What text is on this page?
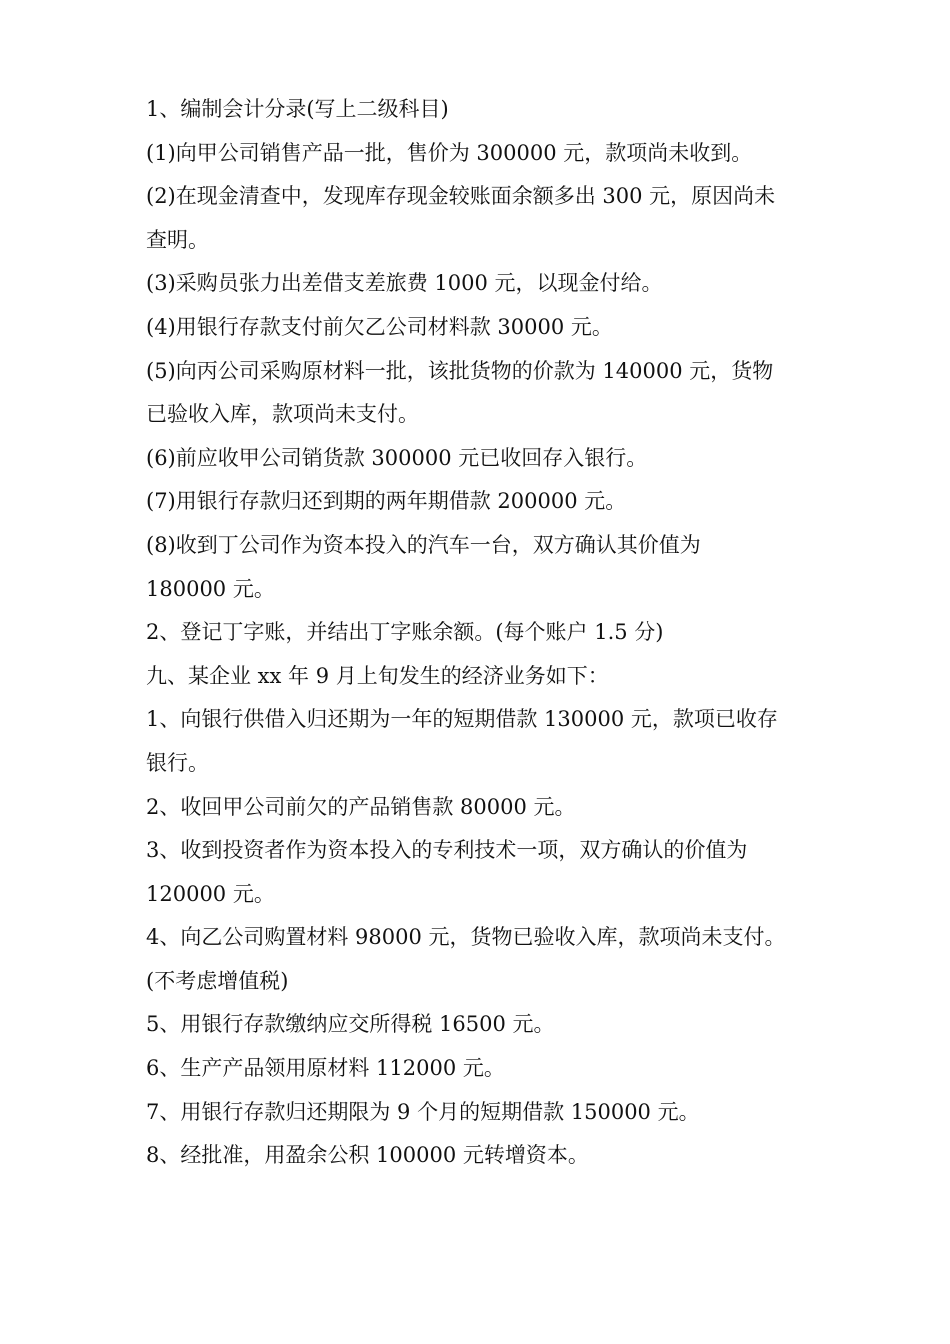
1、编制会计分录(写上二级科目)
(1)向甲公司销售产品一批，售价为 300000 元，款项尚未收到。
(2)在现金清查中，发现库存现金较账面余额多出 300 元，原因尚未
查明。
(3)采购员张力出差借支差旅费 1000 元，以现金付给。
(4)用银行存款支付前欠乙公司材料款 30000 元。
(5)向丙公司采购原材料一批，该批货物的价款为 140000 元，货物
已验收入库，款项尚未支付。
(6)前应收甲公司销货款 300000 元已收回存入银行。
(7)用银行存款归还到期的两年期借款 200000 元。
(8)收到丁公司作为资本投入的汽车一台，双方确认其价值为
180000 元。
2、登记丁字账，并结出丁字账余额。(每个账户 1.5 分)
九、某企业 xx 年 9 月上旬发生的经济业务如下：
1、向银行供借入归还期为一年的短期借款 130000 元，款项已收存
银行。
2、收回甲公司前欠的产品销售款 80000 元。
3、收到投资者作为资本投入的专利技术一项，双方确认的价值为
120000 元。
4、向乙公司购置材料 98000 元，货物已验收入库，款项尚未支付。
(不考虑增值税)
5、用银行存款缴纳应交所得税 16500 元。
6、生产产品领用原材料 112000 元。
7、用银行存款归还期限为 9 个月的短期借款 150000 元。
8、经批准，用盈余公积 100000 元转增资本。
